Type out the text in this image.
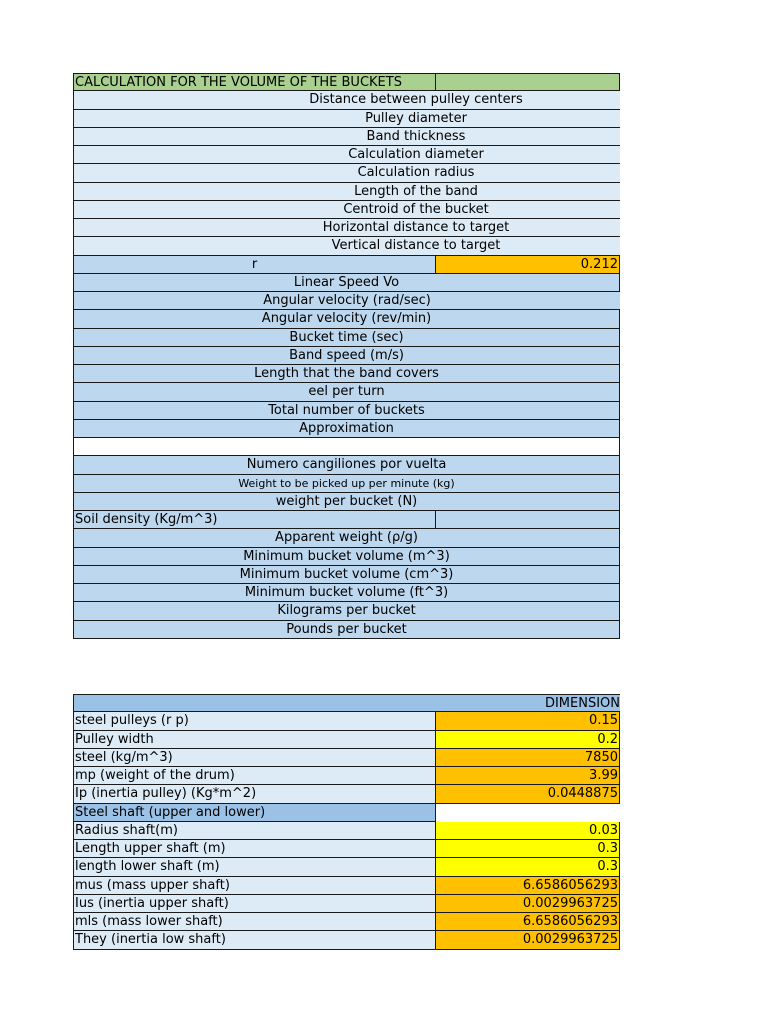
CALCULATION FOR THE VOLUME OF THE BUCKETS
Distance between pulley centers
Pulley diameter
Band thickness
Calculation diameter
Calculation radius
Length of the band
Centroid of the bucket
Horizontal distance to target
Vertical distance to target
r	0.212
Linear Speed Vo
Angular velocity (rad/sec)
Angular velocity (rev/min)
Bucket time (sec)
Band speed (m/s)
Length that the band covers
eel per turn
Total number of buckets
Approximation
Numero cangiliones por vuelta
Weight to be picked up per minute (kg)
weight per bucket (N)
Soil density (Kg/m^3)
Apparent weight (ρ/g)
Minimum bucket volume (m^3)
Minimum bucket volume (cm^3)
Minimum bucket volume (ft^3)
Kilograms per bucket
Pounds per bucket
DIMENSION
steel pulleys (r p)	0.15
Pulley width	0.2
steel (kg/m^3)	7850
mp (weight of the drum)	3.99
Ip (inertia pulley) (Kg*m^2)	0.0448875
Steel shaft (upper and lower)
Radius shaft(m)	0.03
Length upper shaft (m)	0.3
length lower shaft (m)	0.3
mus (mass upper shaft)	6.6586056293
Ius (inertia upper shaft)	0.0029963725
mls (mass lower shaft)	6.6586056293
They (inertia low shaft)	0.0029963725
